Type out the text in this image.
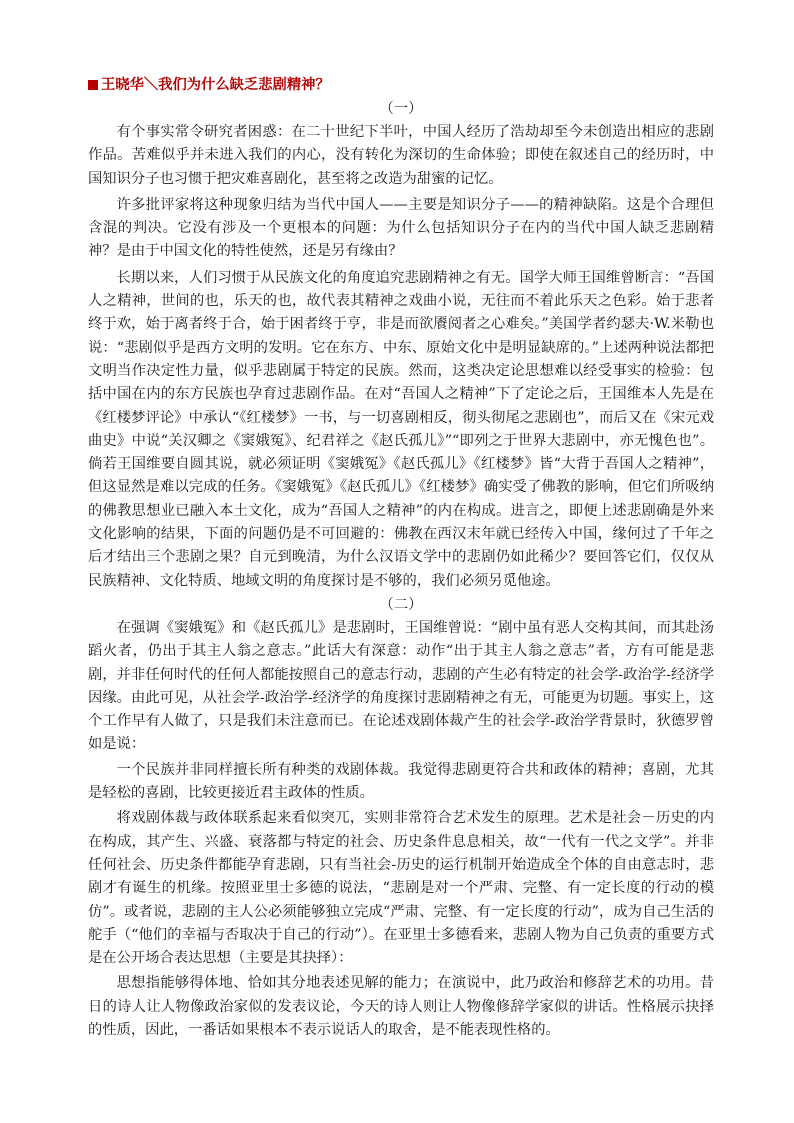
王晓华＼我们为什么缺乏悲剧精神？
（一）

有个事实常令研究者困惑：在二十世纪下半叶，中国人经历了浩劫却至今未创造出相应的悲剧作品。苦难似乎并未进入我们的内心，没有转化为深切的生命体验；即使在叙述自己的经历时，中国知识分子也习惯于把灾难喜剧化，甚至将之改造为甜蜜的记忆。

许多批评家将这种现象归结为当代中国人——主要是知识分子——的精神缺陷。这是个合理但含混的判决。它没有涉及一个更根本的问题：为什么包括知识分子在内的当代中国人缺乏悲剧精神？是由于中国文化的特性使然，还是另有缘由？

长期以来，人们习惯于从民族文化的角度追究悲剧精神之有无。国学大师王国维曾断言：“吾国人之精神，世间的也，乐天的也，故代表其精神之戏曲小说，无往而不着此乐天之色彩。始于悲者终于欢，始于离者终于合，始于困者终于亨，非是而欲餍阅者之心难矣。”美国学者约瑟夫·W.米勒也说：“悲剧似乎是西方文明的发明。它在东方、中东、原始文化中是明显缺席的。”上述两种说法都把文明当作决定性力量，似乎悲剧属于特定的民族。然而，这类决定论思想难以经受事实的检验：包括中国在内的东方民族也孕育过悲剧作品。在对“吾国人之精神”下了定论之后，王国维本人先是在《红楼梦评论》中承认“《红楼梦》一书，与一切喜剧相反，彻头彻尾之悲剧也”，而后又在《宋元戏曲史》中说“关汉卿之《窦娥冤》、纪君祥之《赵氏孤儿》”“即列之于世界大悲剧中，亦无愧色也”。倘若王国维要自圆其说，就必须证明《窦娥冤》《赵氏孤儿》《红楼梦》皆“大背于吾国人之精神”，但这显然是难以完成的任务。《窦娥冤》《赵氏孤儿》《红楼梦》确实受了佛教的影响，但它们所吸纳的佛教思想业已融入本土文化，成为“吾国人之精神”的内在构成。进言之，即便上述悲剧确是外来文化影响的结果，下面的问题仍是不可回避的：佛教在西汉末年就已经传入中国，缘何过了千年之后才结出三个悲剧之果？自元到晚清，为什么汉语文学中的悲剧仍如此稀少？要回答它们，仅仅从民族精神、文化特质、地域文明的角度探讨是不够的，我们必须另觅他途。

（二）

在强调《窦娥冤》和《赵氏孤儿》是悲剧时，王国维曾说：“剧中虽有恶人交构其间，而其赴汤蹈火者，仍出于其主人翁之意志。”此话大有深意：动作“出于其主人翁之意志”者，方有可能是悲剧，并非任何时代的任何人都能按照自己的意志行动，悲剧的产生必有特定的社会学-政治学-经济学因缘。由此可见，从社会学-政治学-经济学的角度探讨悲剧精神之有无，可能更为切题。事实上，这个工作早有人做了，只是我们未注意而已。在论述戏剧体裁产生的社会学-政治学背景时，狄德罗曾如是说：

一个民族并非同样擅长所有种类的戏剧体裁。我觉得悲剧更符合共和政体的精神；喜剧，尤其是轻松的喜剧，比较更接近君主政体的性质。

将戏剧体裁与政体联系起来看似突兀，实则非常符合艺术发生的原理。艺术是社会－历史的内在构成，其产生、兴盛、衰落都与特定的社会、历史条件息息相关，故“一代有一代之文学”。并非任何社会、历史条件都能孕育悲剧，只有当社会-历史的运行机制开始造成全个体的自由意志时，悲剧才有诞生的机缘。按照亚里士多德的说法，“悲剧是对一个严肃、完整、有一定长度的行动的模仿”。或者说，悲剧的主人公必须能够独立完成“严肃、完整、有一定长度的行动”，成为自己生活的舵手（“他们的幸福与否取决于自己的行动”）。在亚里士多德看来，悲剧人物为自己负责的重要方式是在公开场合表达思想（主要是其抉择）：

思想指能够得体地、恰如其分地表述见解的能力；在演说中，此乃政治和修辞艺术的功用。昔日的诗人让人物像政治家似的发表议论，今天的诗人则让人物像修辞学家似的讲话。性格展示抉择的性质，因此，一番话如果根本不表示说话人的取舍，是不能表现性格的。
